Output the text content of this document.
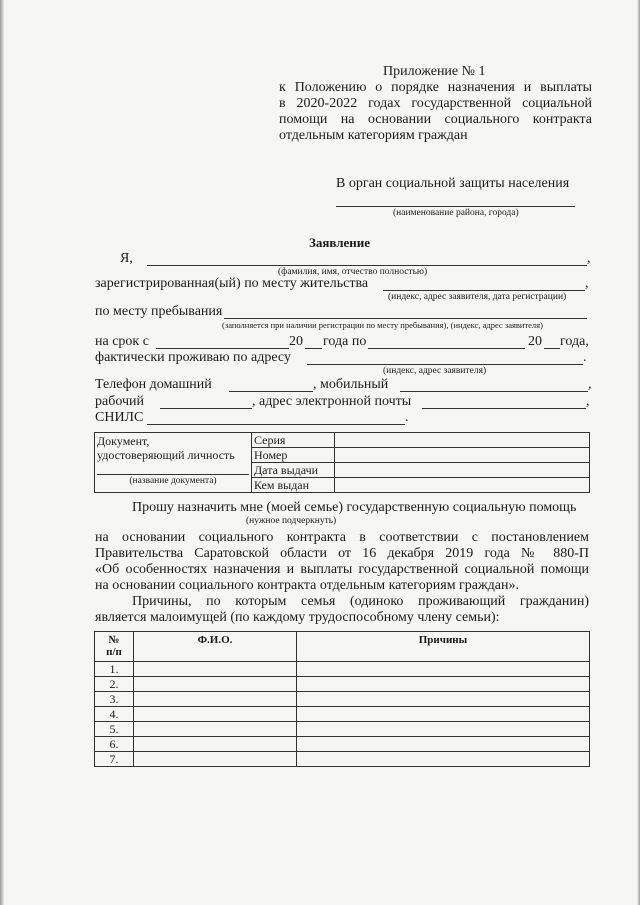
Приложение № 1
к Положению о порядке назначения и выплаты
в 2020-2022 годах государственной социальной
помощи на основании социального контракта
отдельным категориям граждан
В орган социальной защиты населения
(наименование района, города)
Заявление
Я,	,
(фамилия, имя, отчество полностью)
зарегистрированная(ый) по месту жительства	,
(индекс, адрес заявителя, дата регистрации)
по месту пребывания
(заполняется при наличии регистрации по месту пребывания), (индекс, адрес заявителя)
на срок с	20 года по	20 года,
фактически проживаю по адресу	.
(индекс, адрес заявителя)
Телефон домашний	, мобильный	,
рабочий	, адрес электронной почты	,
СНИЛС	.
Документ,
удостоверяющий личность
(название документа)	Серия	
	Номер	
	Дата выдачи	
	Кем выдан	
Прошу назначить мне (моей семье) государственную социальную помощь
(нужное подчеркнуть)
на основании социального контракта в соответствии с постановлением
Правительства Саратовской области от 16 декабря 2019 года № 880-П
«Об особенностях назначения и выплаты государственной социальной помощи
на основании социального контракта отдельным категориям граждан».
Причины, по которым семья (одиноко проживающий гражданин)
является малоимущей (по каждому трудоспособному члену семьи):
№
п/п	Ф.И.О.	Причины
1.		
2.		
3.		
4.		
5.		
6.		
7.		
